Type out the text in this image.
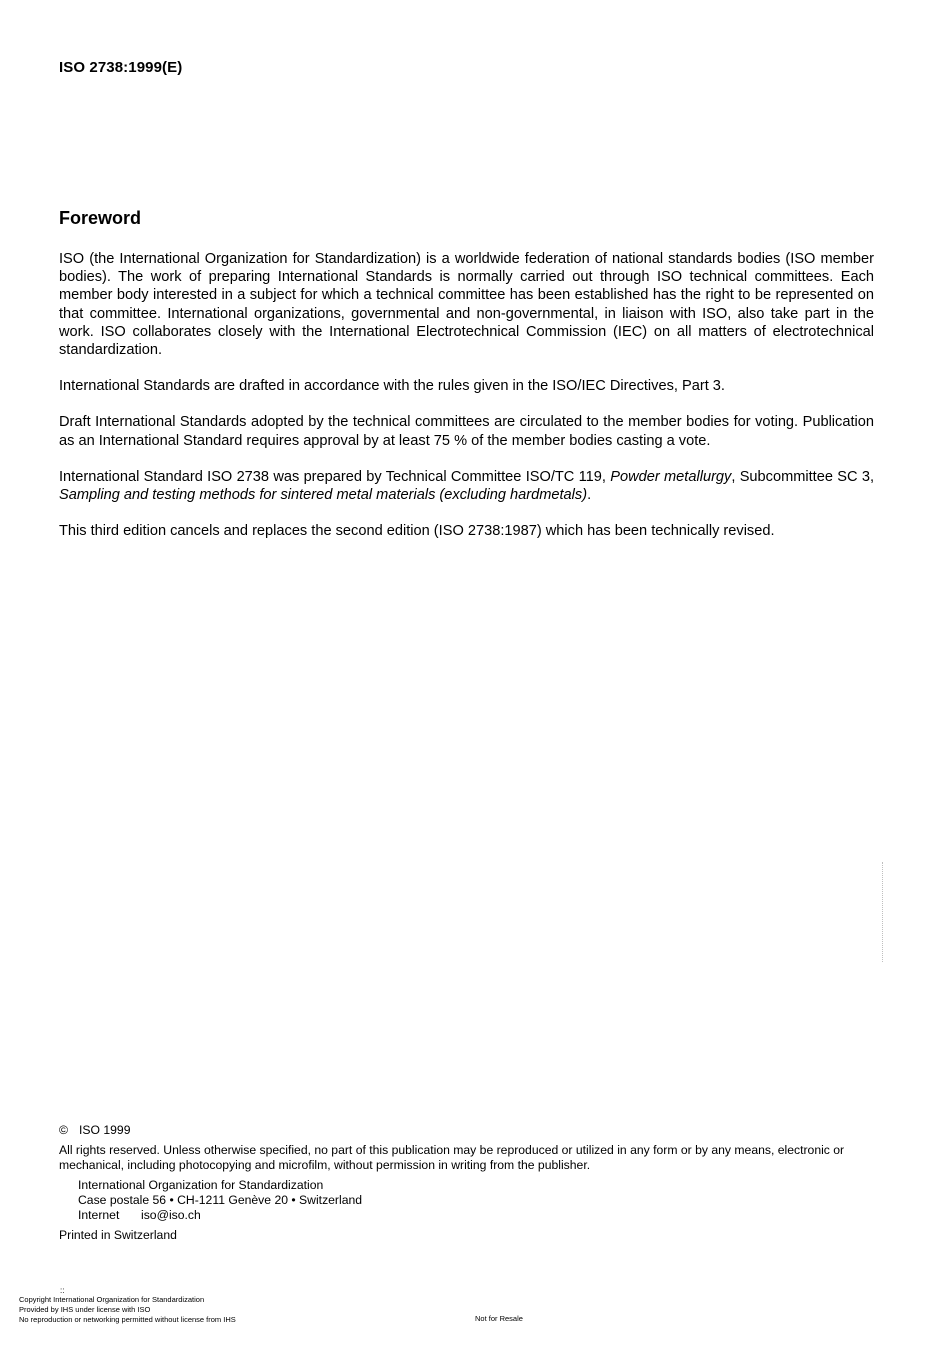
ISO 2738:1999(E)
Foreword

ISO (the International Organization for Standardization) is a worldwide federation of national standards bodies (ISO member bodies). The work of preparing International Standards is normally carried out through ISO technical committees. Each member body interested in a subject for which a technical committee has been established has the right to be represented on that committee. International organizations, governmental and non-governmental, in liaison with ISO, also take part in the work. ISO collaborates closely with the International Electrotechnical Commission (IEC) on all matters of electrotechnical standardization.

International Standards are drafted in accordance with the rules given in the ISO/IEC Directives, Part 3.

Draft International Standards adopted by the technical committees are circulated to the member bodies for voting. Publication as an International Standard requires approval by at least 75 % of the member bodies casting a vote.

International Standard ISO 2738 was prepared by Technical Committee ISO/TC 119, Powder metallurgy, Subcommittee SC 3, Sampling and testing methods for sintered metal materials (excluding hardmetals).

This third edition cancels and replaces the second edition (ISO 2738:1987) which has been technically revised.

© ISO 1999
All rights reserved. Unless otherwise specified, no part of this publication may be reproduced or utilized in any form or by any means, electronic or mechanical, including photocopying and microfilm, without permission in writing from the publisher.
International Organization for Standardization
Case postale 56 • CH-1211 Genève 20 • Switzerland
Internet iso@iso.ch
Printed in Switzerland
::
Copyright International Organization for Standardization
Provided by IHS under license with ISO
No reproduction or networking permitted without license from IHS	Not for Resale
